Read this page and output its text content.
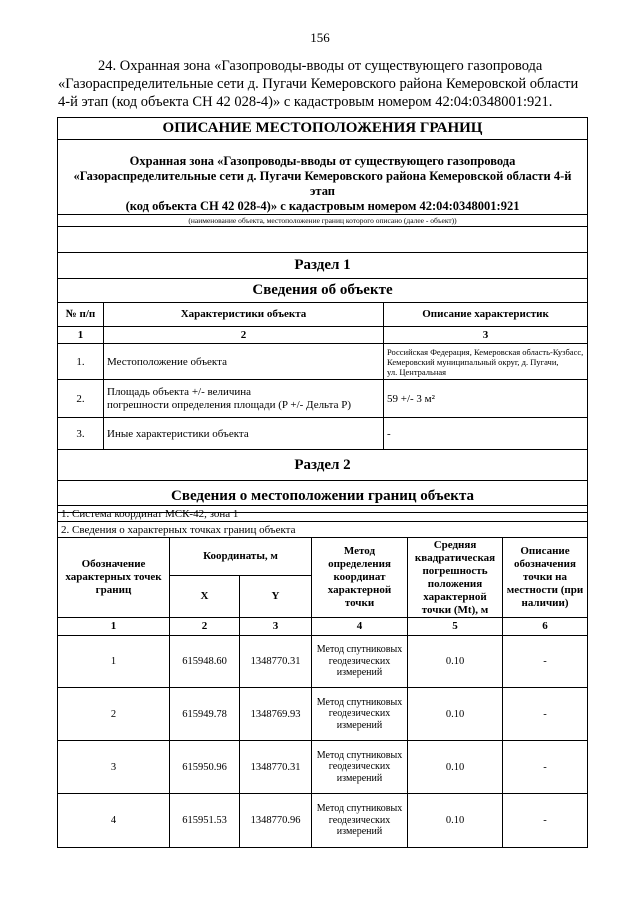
156
24. Охранная зона «Газопроводы-вводы от существующего газопровода
«Газораспределительные сети д. Пугачи Кемеровского района Кемеровской области
4-й этап (код объекта СН 42 028-4)» с кадастровым номером 42:04:0348001:921.
ОПИСАНИЕ МЕСТОПОЛОЖЕНИЯ ГРАНИЦ		

Охранная зона «Газопроводы-вводы от существующего газопровода
«Газораспределительные сети д. Пугачи Кемеровского района Кемеровской области 4-й этап
(код объекта СН 42 028-4)» с кадастровым номером 42:04:0348001:921		

(наименование объекта, местоположение границ которого описано (далее - объект))		

Раздел 1		
Сведения об объекте		
№ п/п	Характеристики объекта	Описание характеристик
1	2	3
1.	Местоположение объекта	Российская Федерация, Кемеровская область-Кузбасс,
Кемеровский муниципальный округ, д. Пугачи,
ул. Центральная

2.	Площадь объекта +/- величина
погрешности определения площади (P +/- Дельта P)	59 +/- 3 м²
3.	Иные характеристики объекта	-
Раздел 2		
Сведения о местоположении границ объекта		
1. Система координат МСК-42, зона 1					
2. Сведения о характерных точках границ объекта					
Обозначение характерных точек границ	Координаты, м		Метод определения координат характерной точки	Средняя квадратическая погрешность положения характерной точки (Mt), м	Описание обозначения точки на местности (при наличии)
	X	Y			
1	2	3	4	5	6
1	615948.60	1348770.31	Метод спутниковых геодезических измерений	0.10	-
2	615949.78	1348769.93	Метод спутниковых геодезических измерений	0.10	-
3	615950.96	1348770.31	Метод спутниковых геодезических измерений	0.10	-
4	615951.53	1348770.96	Метод спутниковых геодезических измерений	0.10	-
